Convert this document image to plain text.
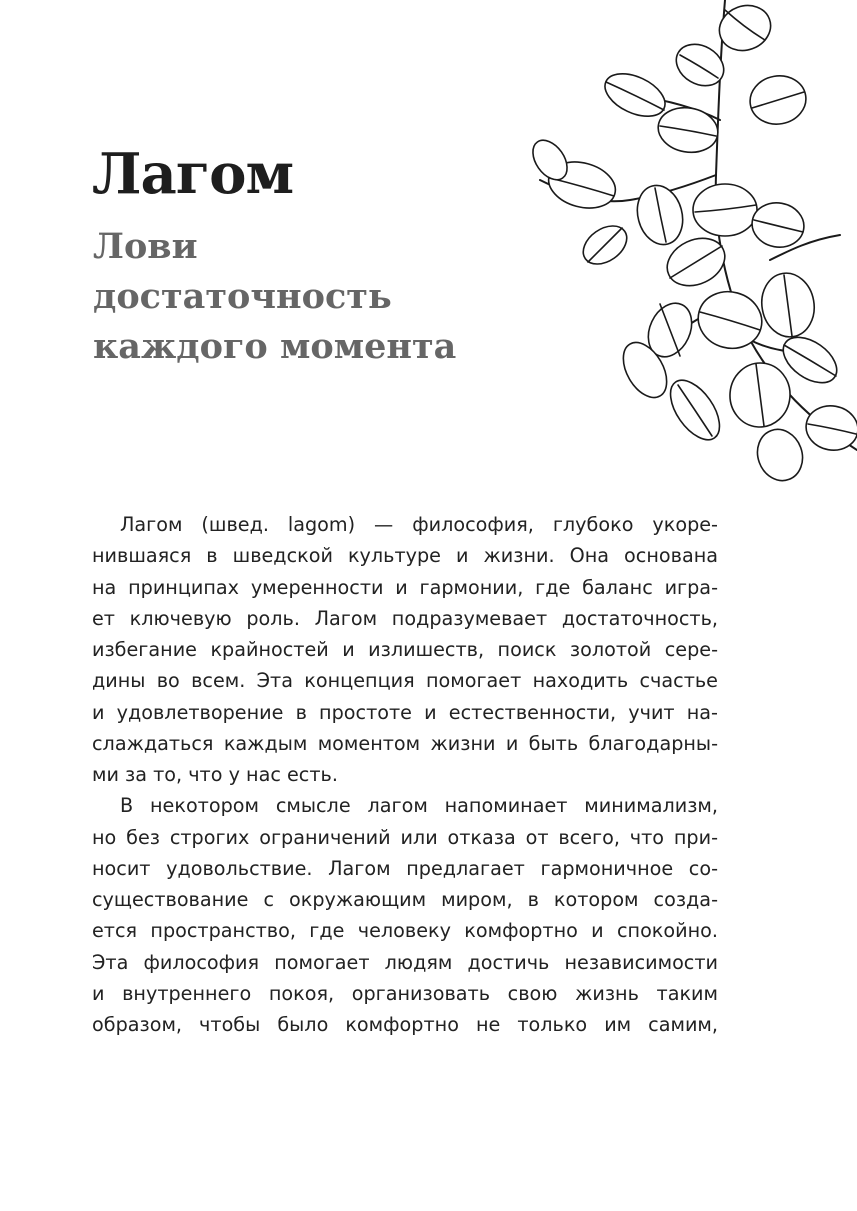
Лагом
Лови
достаточность
каждого момента
Лагом (швед. lagom) — философия, глубоко укоре-
нившаяся в шведской культуре и жизни. Она основана
на принципах умеренности и гармонии, где баланс игра-
ет ключевую роль. Лагом подразумевает достаточность,
избегание крайностей и излишеств, поиск золотой сере-
дины во всем. Эта концепция помогает находить счастье
и удовлетворение в простоте и естественности, учит на-
слаждаться каждым моментом жизни и быть благодарны-
ми за то, что у нас есть.
В некотором смысле лагом напоминает минимализм,
но без строгих ограничений или отказа от всего, что при-
носит удовольствие. Лагом предлагает гармоничное со-
существование с окружающим миром, в котором созда-
ется пространство, где человеку комфортно и спокойно.
Эта философия помогает людям достичь независимости
и внутреннего покоя, организовать свою жизнь таким
образом, чтобы было комфортно не только им самим,
